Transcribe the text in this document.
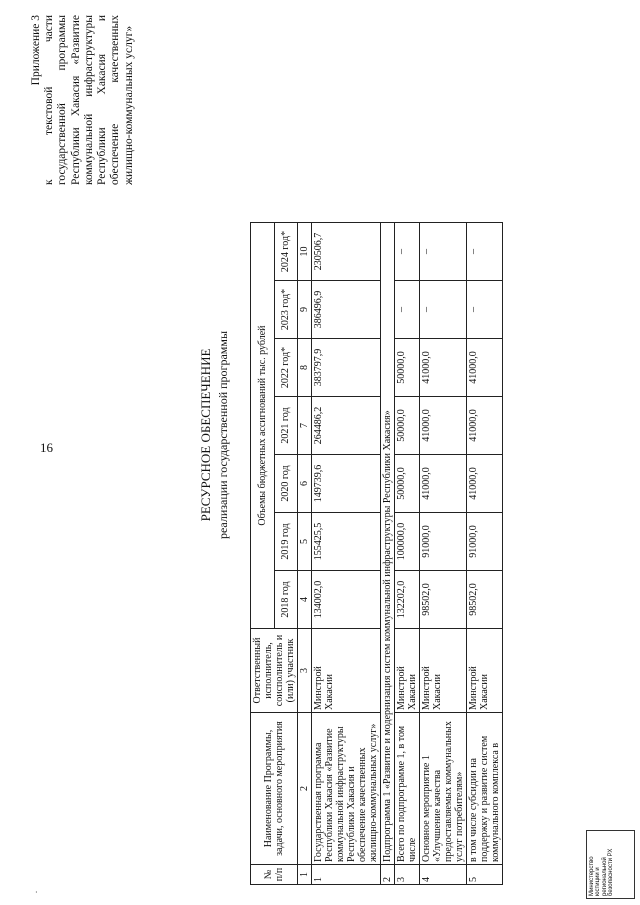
16
·
Приложение 3 к текстовой части государственной программы Республики Хакасия «Развитие коммунальной инфраструктуры Республики Хакасия и обеспечение качественных жилищно-коммунальных услуг»
РЕСУРСНОЕ ОБЕСПЕЧЕНИЕ реализации государственной программы
№ п/п	Наименование Программы, задачи, основного мероприятия	Ответственный исполнитель, соисполнитель и (или) участник	Объемы бюджетных ассигнований тыс. рублей						
			2018 год	2019 год	2020 год	2021 год	2022 год*	2023 год*	2024 год*
1	2	3	4	5	6	7	8	9	10
1	Государственная программа Республики Хакасия «Развитие коммунальной инфраструктуры Республики Хакасия и обеспечение качественных жилищно-коммунальных услуг»	Минстрой Хакасии	134002,0	155425,5	149739,6	264486,2	383797,9	386496,9	230506,7
2	Подпрограмма 1 «Развитие и модернизация систем коммунальной инфраструктуры Республики Хакасия»								
3	Всего по подпрограмме 1, в том числе	Минстрой Хакасии	132202,0	100000,0	50000,0	50000,0	50000,0	–	–
4	Основное мероприятие 1 «Улучшение качества предоставляемых коммунальных услуг потребителям»	Минстрой Хакасии	98502,0	91000,0	41000,0	41000,0	41000,0	–	–
5	в том числе субсидии на поддержку и развитие систем коммунального комплекса в	Минстрой Хакасии	98502,0	91000,0	41000,0	41000,0	41000,0	–	–
Министерство юстиции и региональной безопасности РХ
